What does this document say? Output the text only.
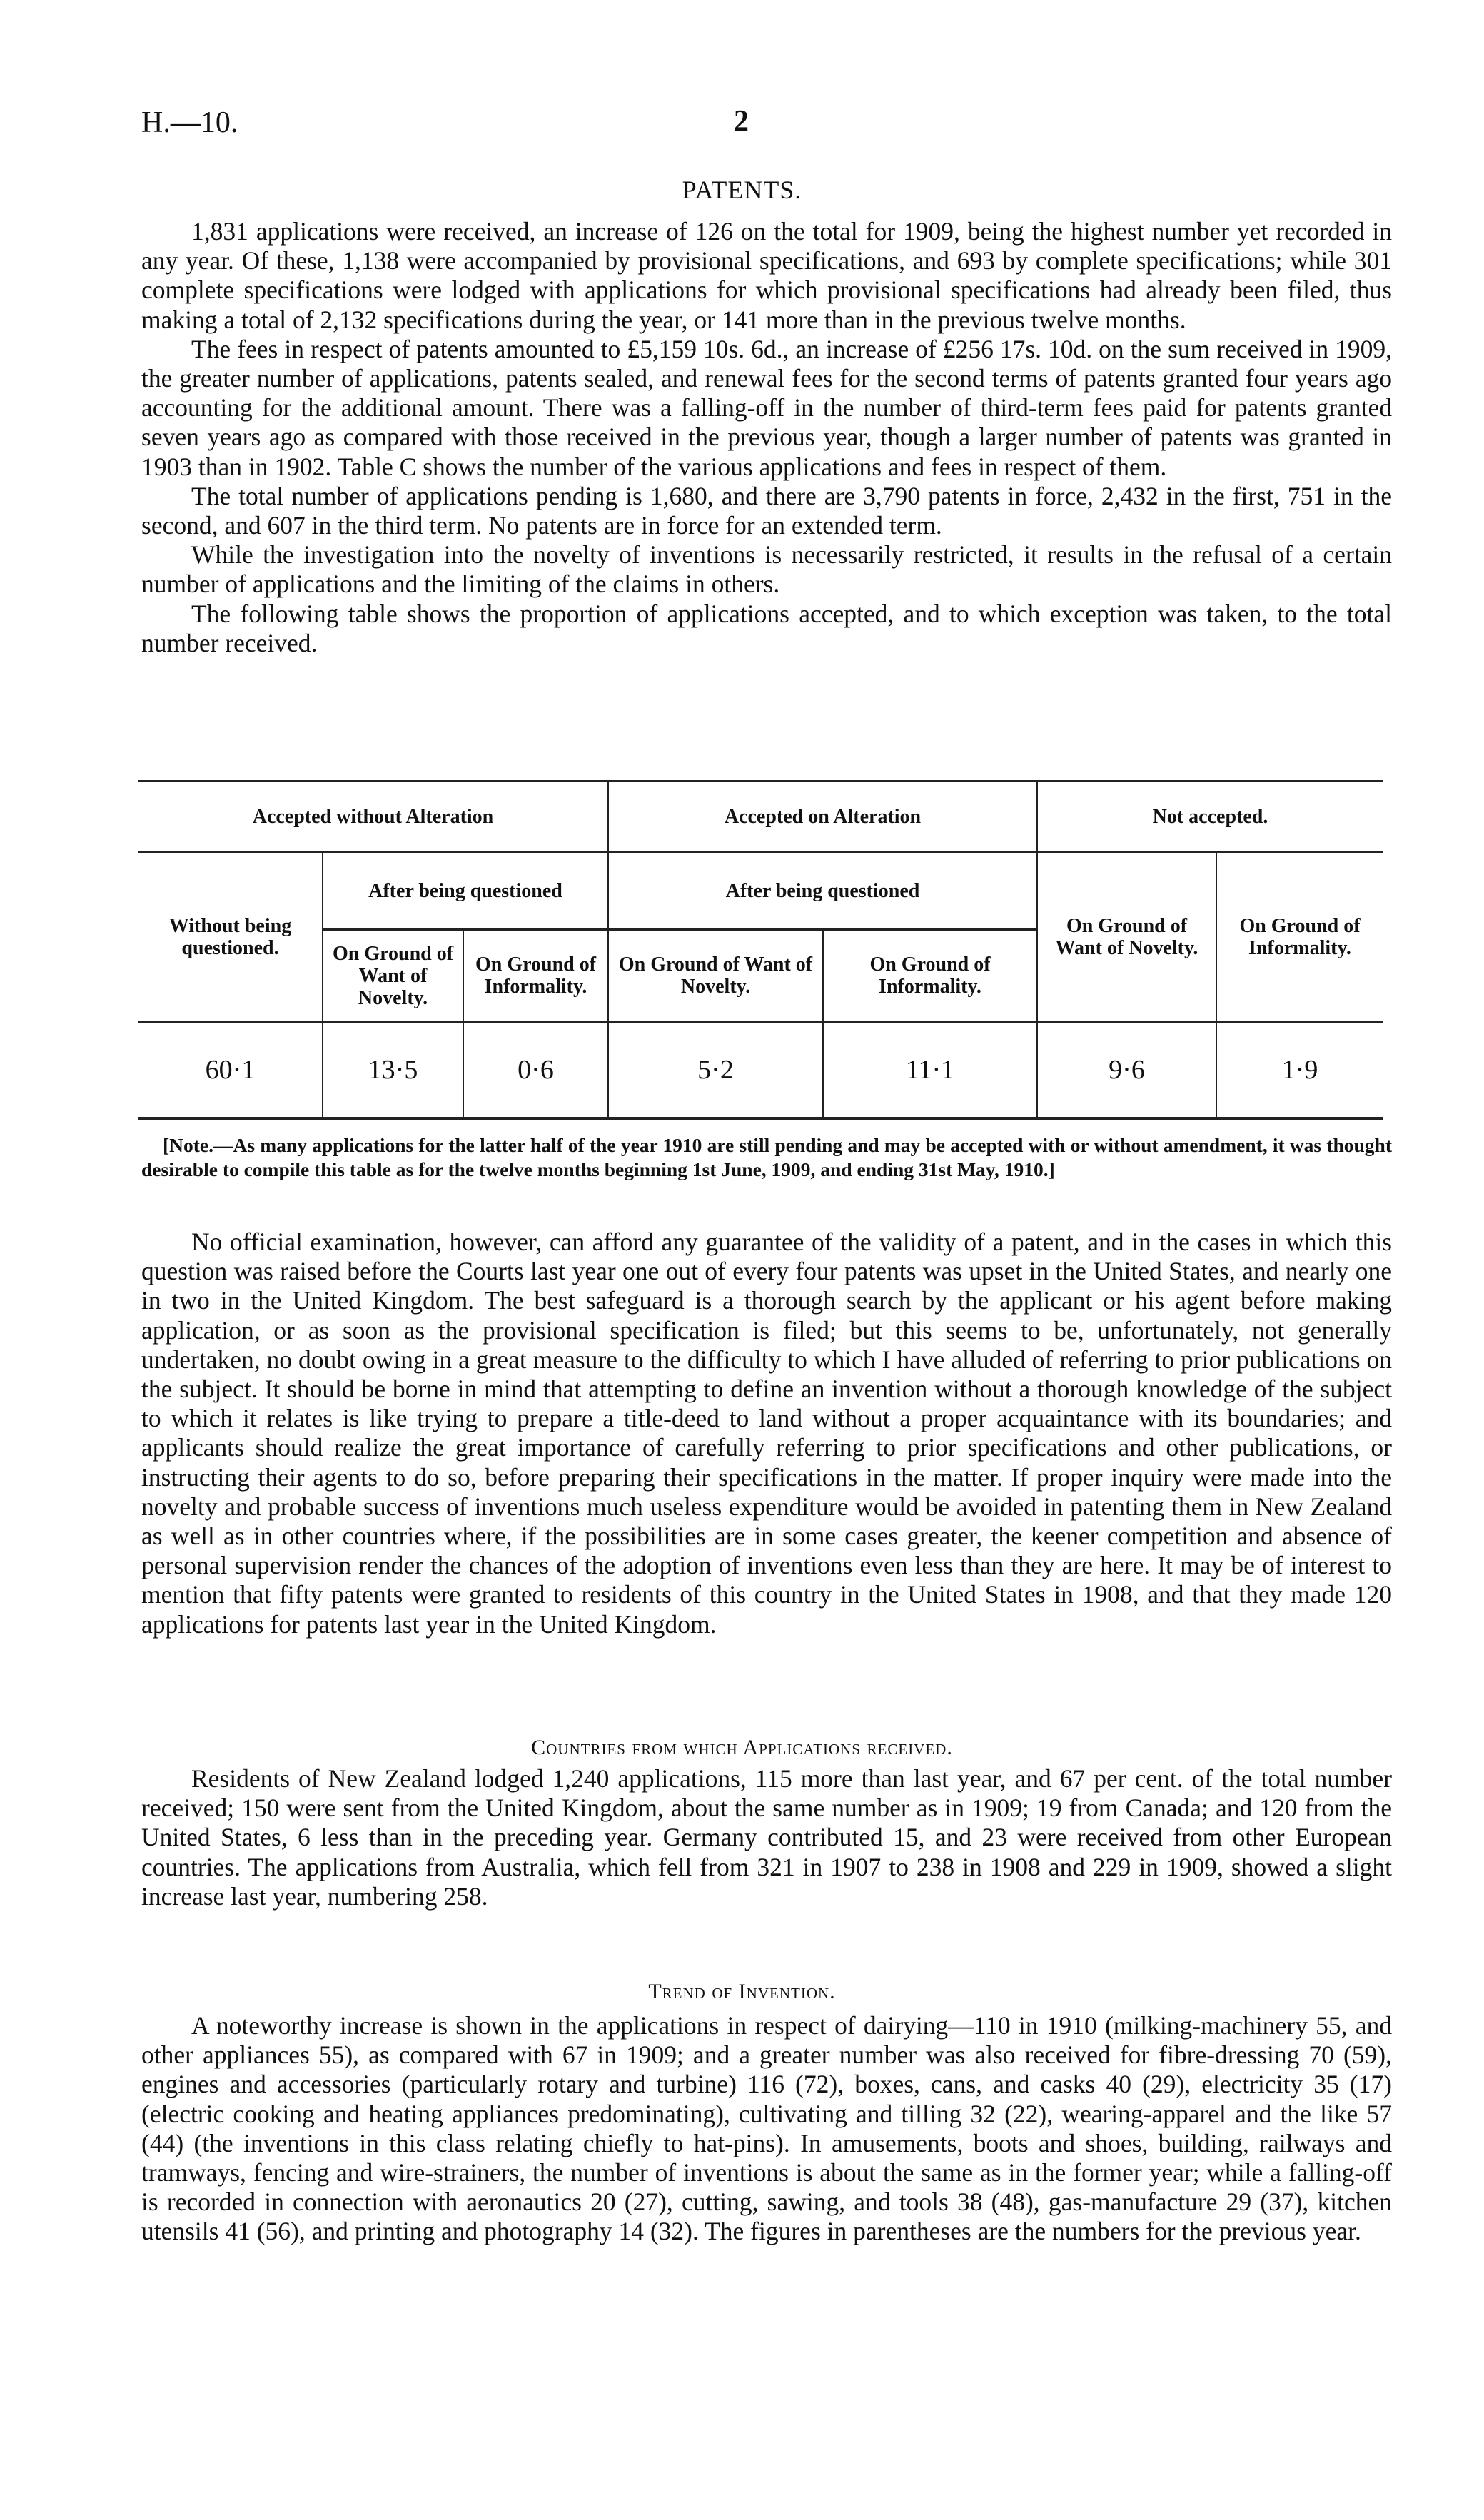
H.—10.	2
PATENTS.

1,831 applications were received, an increase of 126 on the total for 1909, being the highest number yet recorded in any year. Of these, 1,138 were accompanied by provisional specifications, and 693 by complete specifications; while 301 complete specifications were lodged with applications for which provisional specifications had already been filed, thus making a total of 2,132 specifications during the year, or 141 more than in the previous twelve months.

The fees in respect of patents amounted to £5,159 10s. 6d., an increase of £256 17s. 10d. on the sum received in 1909, the greater number of applications, patents sealed, and renewal fees for the second terms of patents granted four years ago accounting for the additional amount. There was a falling-off in the number of third-term fees paid for patents granted seven years ago as compared with those received in the previous year, though a larger number of patents was granted in 1903 than in 1902. Table C shows the number of the various applications and fees in respect of them.

The total number of applications pending is 1,680, and there are 3,790 patents in force, 2,432 in the first, 751 in the second, and 607 in the third term. No patents are in force for an extended term.

While the investigation into the novelty of inventions is necessarily restricted, it results in the refusal of a certain number of applications and the limiting of the claims in others.

The following table shows the proportion of applications accepted, and to which exception was taken, to the total number received.

Accepted without Alteration			Accepted on Alteration		Not accepted.	
Without being questioned.	After being questioned		After being questioned		On Ground of Want of Novelty.	On Ground of Informality.
	On Ground of Want of Novelty.	On Ground of Informality.	On Ground of Want of Novelty.	On Ground of Informality.		
60·1	13·5	0·6	5·2	11·1	9·6	1·9

[Note.—As many applications for the latter half of the year 1910 are still pending and may be accepted with or without amendment, it was thought desirable to compile this table as for the twelve months beginning 1st June, 1909, and ending 31st May, 1910.]

No official examination, however, can afford any guarantee of the validity of a patent, and in the cases in which this question was raised before the Courts last year one out of every four patents was upset in the United States, and nearly one in two in the United Kingdom. The best safeguard is a thorough search by the applicant or his agent before making application, or as soon as the provisional specification is filed; but this seems to be, unfortunately, not generally undertaken, no doubt owing in a great measure to the difficulty to which I have alluded of referring to prior publications on the subject. It should be borne in mind that attempting to define an invention without a thorough knowledge of the subject to which it relates is like trying to prepare a title-deed to land without a proper acquaintance with its boundaries; and applicants should realize the great importance of carefully referring to prior specifications and other publications, or instructing their agents to do so, before preparing their specifications in the matter. If proper inquiry were made into the novelty and probable success of inventions much useless expenditure would be avoided in patenting them in New Zealand as well as in other countries where, if the possibilities are in some cases greater, the keener competition and absence of personal supervision render the chances of the adoption of inventions even less than they are here. It may be of interest to mention that fifty patents were granted to residents of this country in the United States in 1908, and that they made 120 applications for patents last year in the United Kingdom.

Countries from which Applications received.

Residents of New Zealand lodged 1,240 applications, 115 more than last year, and 67 per cent. of the total number received; 150 were sent from the United Kingdom, about the same number as in 1909; 19 from Canada; and 120 from the United States, 6 less than in the preceding year. Germany contributed 15, and 23 were received from other European countries. The applications from Australia, which fell from 321 in 1907 to 238 in 1908 and 229 in 1909, showed a slight increase last year, numbering 258.

Trend of Invention.

A noteworthy increase is shown in the applications in respect of dairying—110 in 1910 (milking-machinery 55, and other appliances 55), as compared with 67 in 1909; and a greater number was also received for fibre-dressing 70 (59), engines and accessories (particularly rotary and turbine) 116 (72), boxes, cans, and casks 40 (29), electricity 35 (17) (electric cooking and heating appliances predominating), cultivating and tilling 32 (22), wearing-apparel and the like 57 (44) (the inventions in this class relating chiefly to hat-pins). In amusements, boots and shoes, building, railways and tramways, fencing and wire-strainers, the number of inventions is about the same as in the former year; while a falling-off is recorded in connection with aeronautics 20 (27), cutting, sawing, and tools 38 (48), gas-manufacture 29 (37), kitchen utensils 41 (56), and printing and photography 14 (32). The figures in parentheses are the numbers for the previous year.
